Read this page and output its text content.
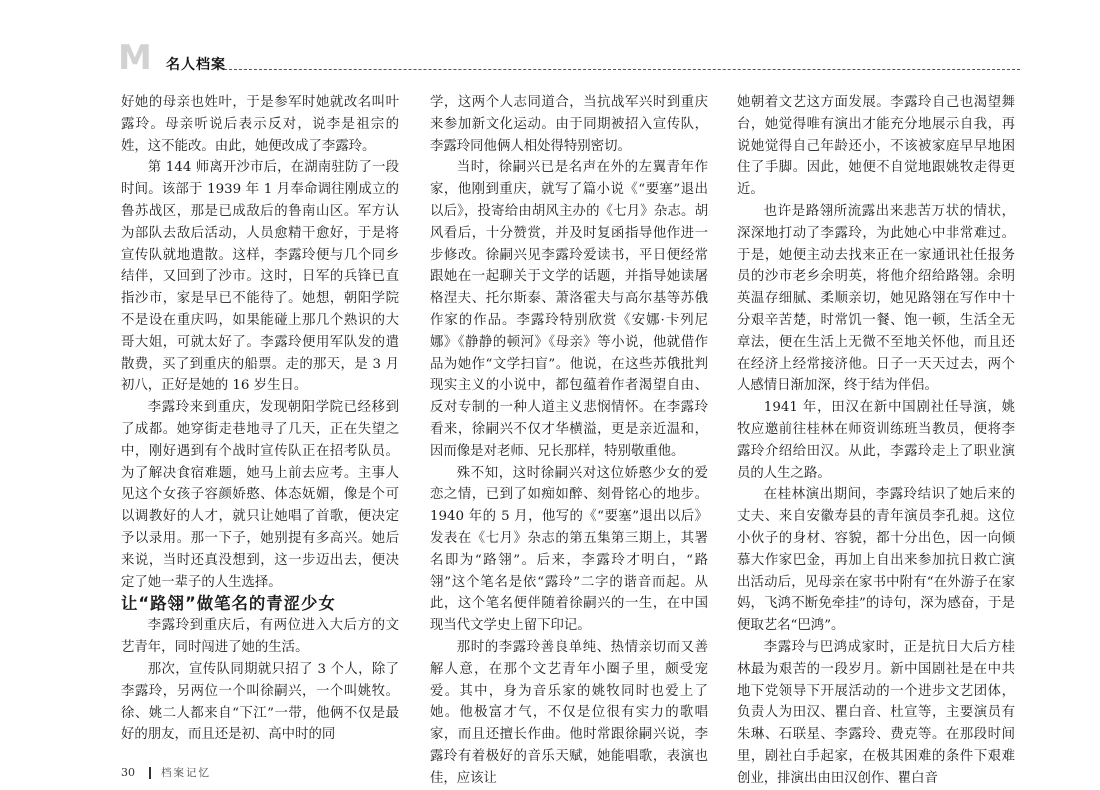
M 名人档案

好她的母亲也姓叶，于是参军时她就改名叫叶露玲。母亲听说后表示反对，说李是祖宗的姓，这不能改。由此，她便改成了李露玲。

第 144 师离开沙市后，在湖南驻防了一段时间。该部于 1939 年 1 月奉命调往刚成立的鲁苏战区，那是已成敌后的鲁南山区。军方认为部队去敌后活动，人员愈精干愈好，于是将宣传队就地遣散。这样，李露玲便与几个同乡结伴，又回到了沙市。这时，日军的兵锋已直指沙市，家是早已不能待了。她想，朝阳学院不是设在重庆吗，如果能碰上那几个熟识的大哥大姐，可就太好了。李露玲便用军队发的遣散费，买了到重庆的船票。走的那天，是 3 月初八，正好是她的 16 岁生日。

李露玲来到重庆，发现朝阳学院已经移到了成都。她穿街走巷地寻了几天，正在失望之中，刚好遇到有个战时宣传队正在招考队员。为了解决食宿难题，她马上前去应考。主事人见这个女孩子容颜娇憨、体态妩媚，像是个可以调教好的人才，就只让她唱了首歌，便决定予以录用。那一下子，她别提有多高兴。她后来说，当时还真没想到，这一步迈出去，便决定了她一辈子的人生选择。

让“路翎”做笔名的青涩少女

李露玲到重庆后，有两位进入大后方的文艺青年，同时闯进了她的生活。

那次，宣传队同期就只招了 3 个人，除了李露玲，另两位一个叫徐嗣兴，一个叫姚牧。徐、姚二人都来自“下江”一带，他俩不仅是最好的朋友，而且还是初、高中时的同

学，这两个人志同道合，当抗战军兴时到重庆来参加新文化运动。由于同期被招入宣传队，李露玲同他俩人相处得特别密切。

当时，徐嗣兴已是名声在外的左翼青年作家，他刚到重庆，就写了篇小说《“要塞”退出以后》，投寄给由胡风主办的《七月》杂志。胡风看后，十分赞赏，并及时复函指导他作进一步修改。徐嗣兴见李露玲爱读书，平日便经常跟她在一起聊关于文学的话题，并指导她读屠格涅夫、托尔斯泰、萧洛霍夫与高尔基等苏俄作家的作品。李露玲特别欣赏《安娜·卡列尼娜》《静静的顿河》《母亲》等小说，他就借作品为她作“文学扫盲”。他说，在这些苏俄批判现实主义的小说中，都包蕴着作者渴望自由、反对专制的一种人道主义悲悯情怀。在李露玲看来，徐嗣兴不仅才华横溢，更是亲近温和，因而像是对老师、兄长那样，特别敬重他。

殊不知，这时徐嗣兴对这位娇憨少女的爱恋之情，已到了如痴如醉、刻骨铭心的地步。1940 年的 5 月，他写的《“要塞”退出以后》发表在《七月》杂志的第五集第三期上，其署名即为“路翎”。后来，李露玲才明白，“路翎”这个笔名是依“露玲”二字的谐音而起。从此，这个笔名便伴随着徐嗣兴的一生，在中国现当代文学史上留下印记。

那时的李露玲善良单纯、热情亲切而又善解人意，在那个文艺青年小圈子里，颇受宠爱。其中，身为音乐家的姚牧同时也爱上了她。他极富才气，不仅是位很有实力的歌唱家，而且还擅长作曲。他时常跟徐嗣兴说，李露玲有着极好的音乐天赋，她能唱歌，表演也佳，应该让

她朝着文艺这方面发展。李露玲自己也渴望舞台，她觉得唯有演出才能充分地展示自我，再说她觉得自己年龄还小，不该被家庭早早地困住了手脚。因此，她便不自觉地跟姚牧走得更近。

也许是路翎所流露出来悲苦万状的情状，深深地打动了李露玲，为此她心中非常难过。于是，她便主动去找来正在一家通讯社任报务员的沙市老乡余明英，将他介绍给路翎。余明英温存细腻、柔顺亲切，她见路翎在写作中十分艰辛苦楚，时常饥一餐、饱一顿，生活全无章法，便在生活上无微不至地关怀他，而且还在经济上经常接济他。日子一天天过去，两个人感情日渐加深，终于结为伴侣。

1941 年，田汉在新中国剧社任导演，姚牧应邀前往桂林在师资训练班当教员，便将李露玲介绍给田汉。从此，李露玲走上了职业演员的人生之路。

在桂林演出期间，李露玲结识了她后来的丈夫、来自安徽寿县的青年演员李孔昶。这位小伙子的身材、容貌，都十分出色，因一向倾慕大作家巴金，再加上自出来参加抗日救亡演出活动后，见母亲在家书中附有“在外游子在家妈，飞鸿不断免牵挂”的诗句，深为感奋，于是便取艺名“巴鸿”。

李露玲与巴鸿成家时，正是抗日大后方桂林最为艰苦的一段岁月。新中国剧社是在中共地下党领导下开展活动的一个进步文艺团体，负责人为田汉、瞿白音、杜宣等，主要演员有朱琳、石联星、李露玲、费克等。在那段时间里，剧社白手起家，在极其困难的条件下艰难创业，排演出由田汉创作、瞿白音

30 档案记忆
